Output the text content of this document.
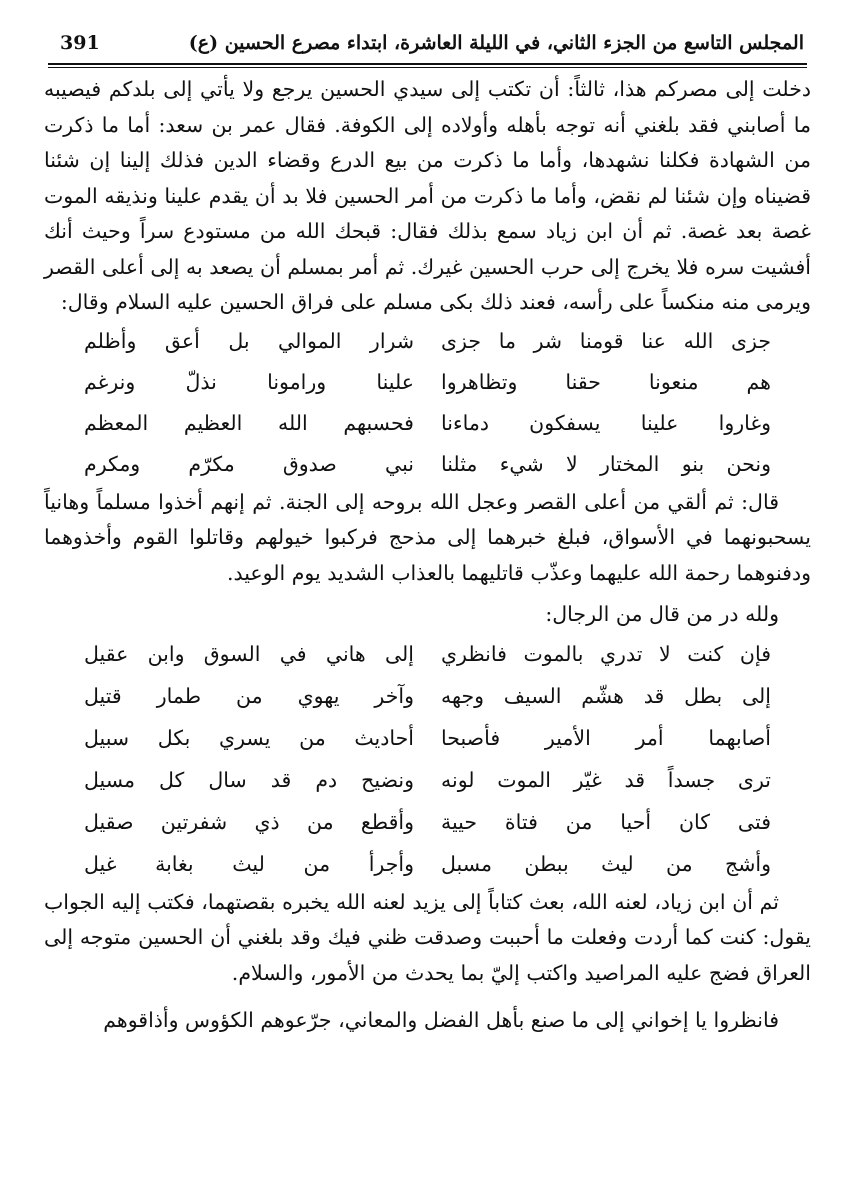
المجلس التاسع من الجزء الثاني، في الليلة العاشرة، ابتداء مصرع الحسين (ع)
391

دخلت إلى مصركم هذا، ثالثاً: أن تكتب إلى سيدي الحسين يرجع ولا يأتي إلى بلدكم فيصيبه ما أصابني فقد بلغني أنه توجه بأهله وأولاده إلى الكوفة. فقال عمر بن سعد: أما ما ذكرت من الشهادة فكلنا نشهدها، وأما ما ذكرت من بيع الدرع وقضاء الدين فذلك إلينا إن شئنا قضيناه وإن شئنا لم نقض، وأما ما ذكرت من أمر الحسين فلا بد أن يقدم علينا ونذيقه الموت غصة بعد غصة. ثم أن ابن زياد سمع بذلك فقال: قبحك الله من مستودع سراً وحيث أنك أفشيت سره فلا يخرج إلى حرب الحسين غيرك. ثم أمر بمسلم أن يصعد به إلى أعلى القصر ويرمى منه منكساً على رأسه، فعند ذلك بكى مسلم على فراق الحسين عليه السلام وقال:

جزى الله عنا قومنا شر ما جزى
شرار الموالي بل أعق وأظلم
هم منعونا حقنا وتظاهروا
علينا ورامونا نذلّ ونرغم
وغاروا علينا يسفكون دماءنا
فحسبهم الله العظيم المعظم
ونحن بنو المختار لا شيء مثلنا
نبي صدوق مكرّم ومكرم

قال: ثم ألقي من أعلى القصر وعجل الله بروحه إلى الجنة. ثم إنهم أخذوا مسلماً وهانياً يسحبونهما في الأسواق، فبلغ خبرهما إلى مذحج فركبوا خيولهم وقاتلوا القوم وأخذوهما ودفنوهما رحمة الله عليهما وعذّب قاتليهما بالعذاب الشديد يوم الوعيد.

ولله در من قال من الرجال:

فإن كنت لا تدري بالموت فانظري
إلى هاني في السوق وابن عقيل
إلى بطل قد هشّم السيف وجهه
وآخر يهوي من طمار قتيل
أصابهما أمر الأمير فأصبحا
أحاديث من يسري بكل سبيل
ترى جسداً قد غيّر الموت لونه
ونضيح دم قد سال كل مسيل
فتى كان أحيا من فتاة حيية
وأقطع من ذي شفرتين صقيل
وأشج من ليث ببطن مسبل
وأجرأ من ليث بغابة غيل

ثم أن ابن زياد، لعنه الله، بعث كتاباً إلى يزيد لعنه الله يخبره بقصتهما، فكتب إليه الجواب يقول: كنت كما أردت وفعلت ما أحببت وصدقت ظني فيك وقد بلغني أن الحسين متوجه إلى العراق فضج عليه المراصيد واكتب إليّ بما يحدث من الأمور، والسلام.

فانظروا يا إخواني إلى ما صنع بأهل الفضل والمعاني، جرّعوهم الكؤوس وأذاقوهم
